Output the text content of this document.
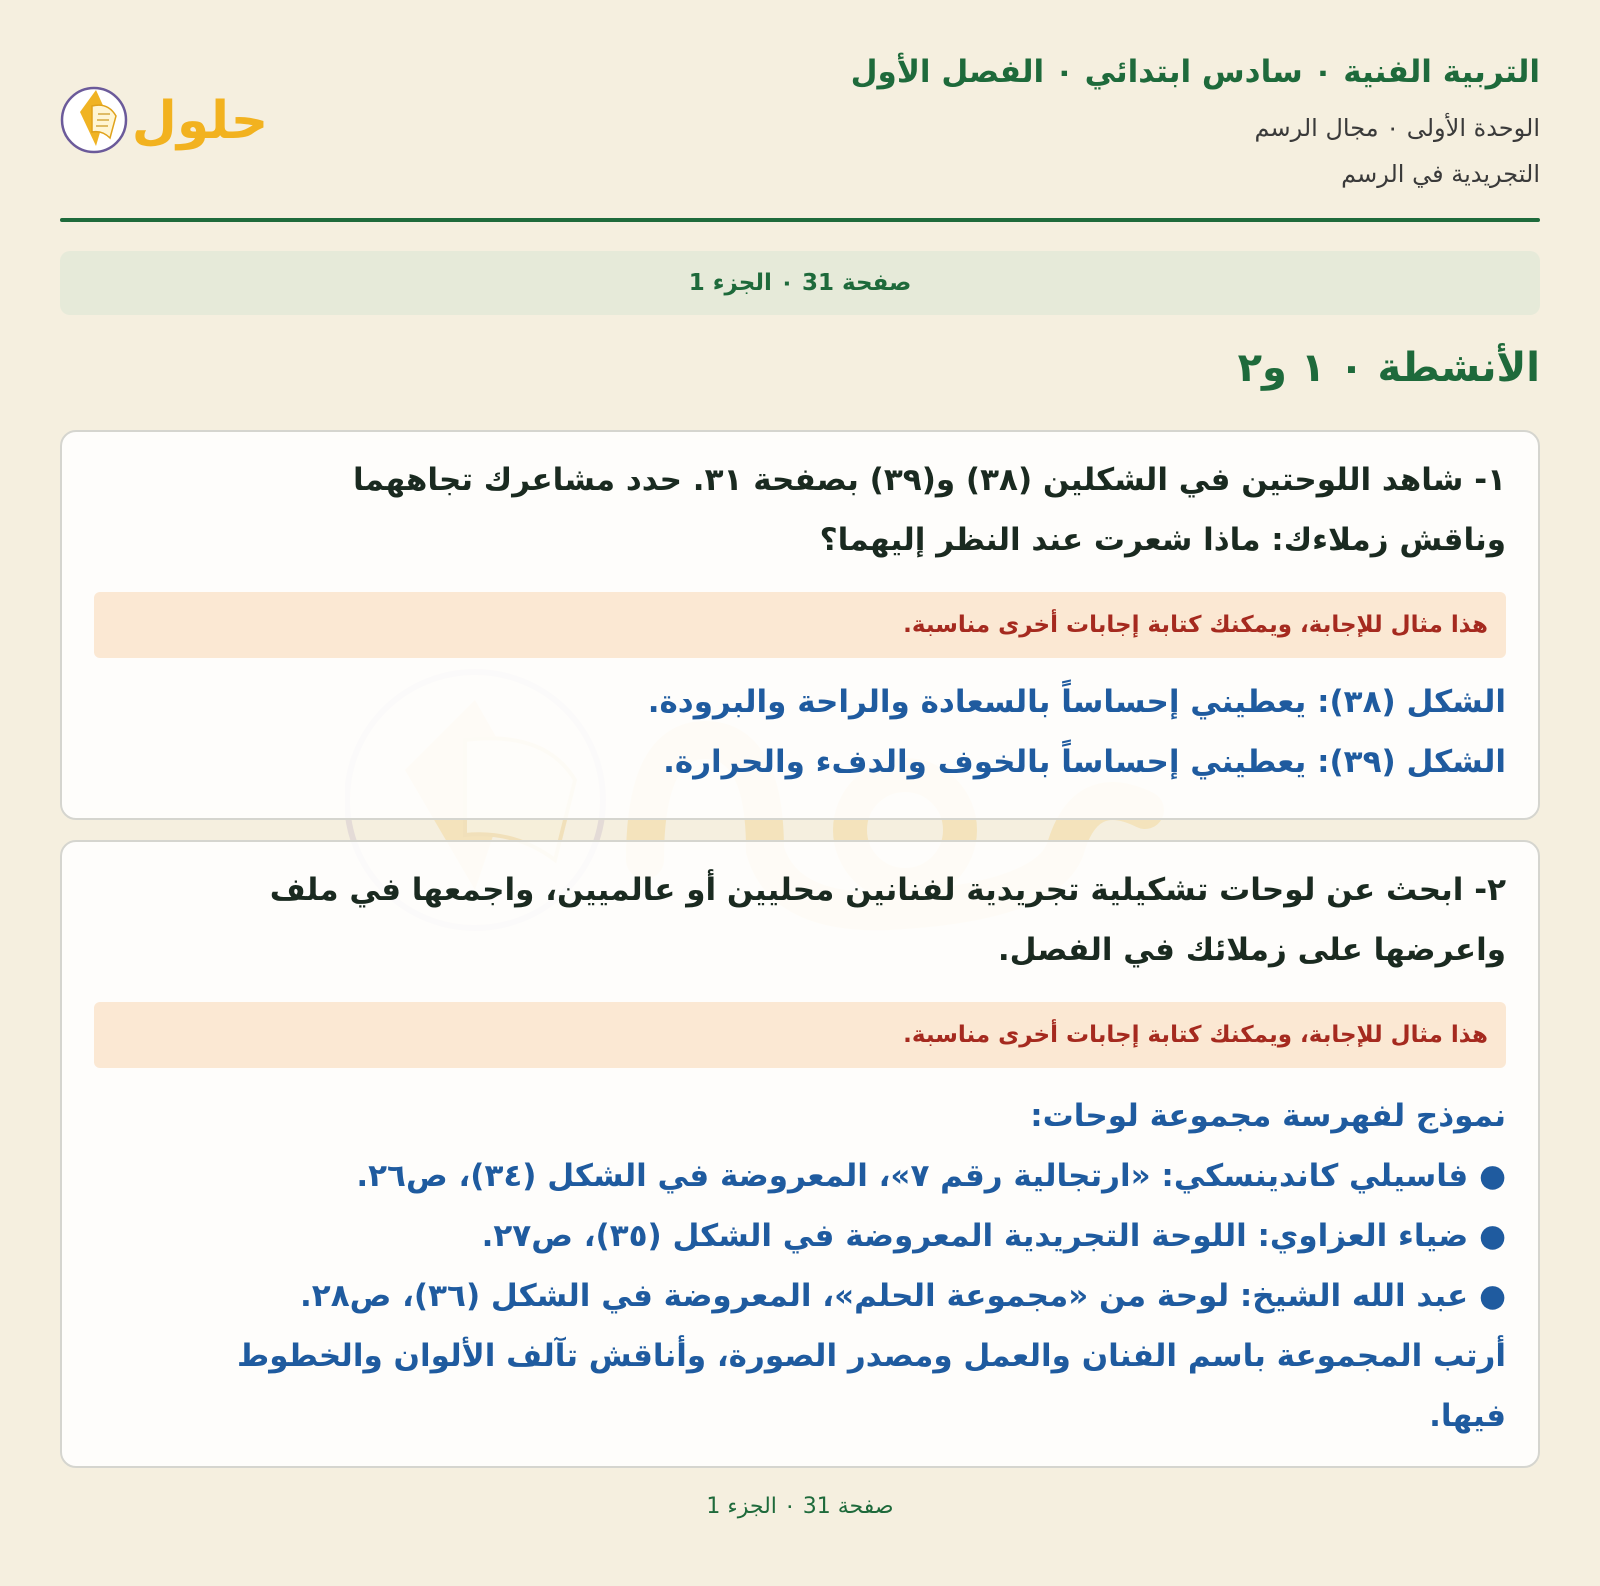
التربية الفنية ٠ سادس ابتدائي ٠ الفصل الأول
الوحدة الأولى ٠ مجال الرسم
التجريدية في الرسم
حلول
صفحة 31 ٠ الجزء 1
الأنشطة ٠ ١ و٢
١- شاهد اللوحتين في الشكلين (٣٨) و(٣٩) بصفحة ٣١. حدد مشاعرك تجاههما
وناقش زملاءك: ماذا شعرت عند النظر إليهما؟
هذا مثال للإجابة، ويمكنك كتابة إجابات أخرى مناسبة.
الشكل (٣٨): يعطيني إحساساً بالسعادة والراحة والبرودة.
الشكل (٣٩): يعطيني إحساساً بالخوف والدفء والحرارة.
٢- ابحث عن لوحات تشكيلية تجريدية لفنانين محليين أو عالميين، واجمعها في ملف
واعرضها على زملائك في الفصل.
هذا مثال للإجابة، ويمكنك كتابة إجابات أخرى مناسبة.
نموذج لفهرسة مجموعة لوحات:
● فاسيلي كاندينسكي: «ارتجالية رقم ٧»، المعروضة في الشكل (٣٤)، ص٢٦.
● ضياء العزاوي: اللوحة التجريدية المعروضة في الشكل (٣٥)، ص٢٧.
● عبد الله الشيخ: لوحة من «مجموعة الحلم»، المعروضة في الشكل (٣٦)، ص٢٨.
أرتب المجموعة باسم الفنان والعمل ومصدر الصورة، وأناقش تآلف الألوان والخطوط
فيها.
صفحة 31 ٠ الجزء 1
